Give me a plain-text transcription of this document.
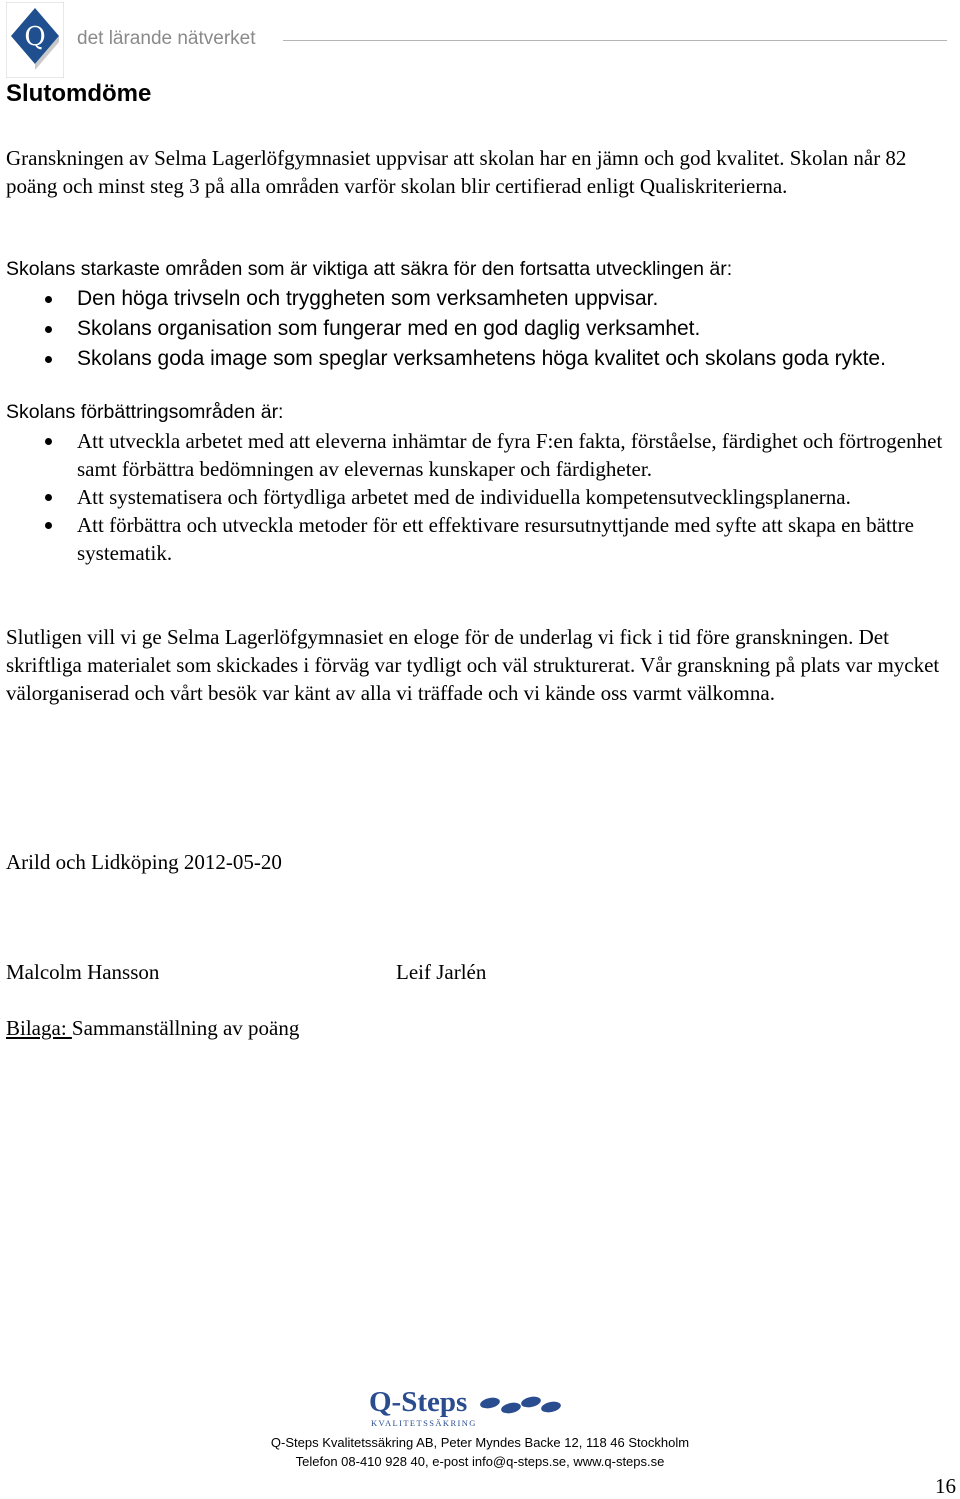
Q det lärande nätverket
Slutomdöme

Granskningen av Selma Lagerlöfgymnasiet uppvisar att skolan har en jämn och god kvalitet. Skolan når 82 poäng och minst steg 3 på alla områden varför skolan blir certifierad enligt Qualiskriterierna.

Skolans starkaste områden som är viktiga att säkra för den fortsatta utvecklingen är:

Den höga trivseln och tryggheten som verksamheten uppvisar.
Skolans organisation som fungerar med en god daglig verksamhet.
Skolans goda image som speglar verksamhetens höga kvalitet och skolans goda rykte.

Skolans förbättringsområden är:

Att utveckla arbetet med att eleverna inhämtar de fyra F:en fakta, förståelse, färdighet och förtrogenhet samt förbättra bedömningen av elevernas kunskaper och färdigheter.
Att systematisera och förtydliga arbetet med de individuella kompetensutvecklingsplanerna.
Att förbättra och utveckla metoder för ett effektivare resursutnyttjande med syfte att skapa en bättre systematik.

Slutligen vill vi ge Selma Lagerlöfgymnasiet en eloge för de underlag vi fick i tid före granskningen. Det skriftliga materialet som skickades i förväg var tydligt och väl strukturerat. Vår granskning på plats var mycket välorganiserad och vårt besök var känt av alla vi träffade och vi kände oss varmt välkomna.

Arild och Lidköping 2012-05-20

Malcolm Hansson	Leif Jarlén

Bilaga: Sammanställning av poäng

Q-Steps
KVALITETSSÄKRING
Q-Steps Kvalitetssäkring AB, Peter Myndes Backe 12, 118 46 Stockholm
Telefon 08-410 928 40, e-post info@q-steps.se, www.q-steps.se
16
